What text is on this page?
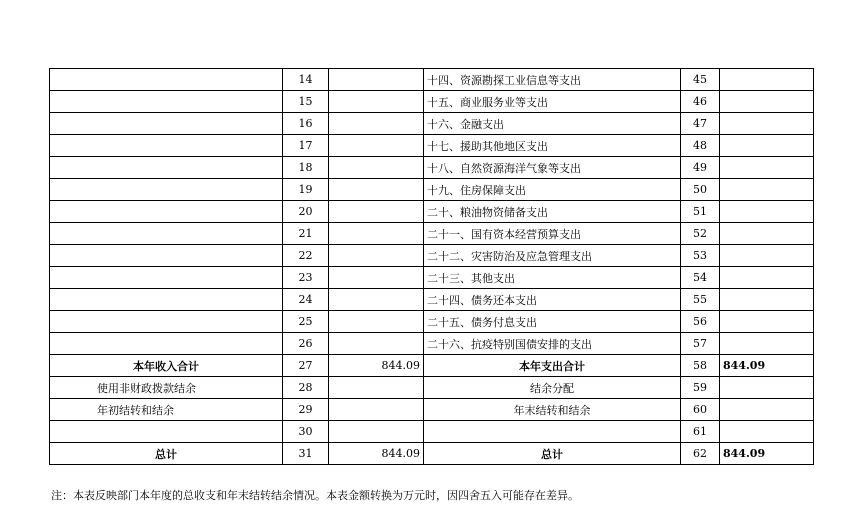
	14		十四、资源勘探工业信息等支出	45	
	15		十五、商业服务业等支出	46	
	16		十六、金融支出	47	
	17		十七、援助其他地区支出	48	
	18		十八、自然资源海洋气象等支出	49	
	19		十九、住房保障支出	50	
	20		二十、粮油物资储备支出	51	
	21		二十一、国有资本经营预算支出	52	
	22		二十二、灾害防治及应急管理支出	53	
	23		二十三、其他支出	54	
	24		二十四、债务还本支出	55	
	25		二十五、债务付息支出	56	
	26		二十六、抗疫特别国债安排的支出	57	
本年收入合计	27	844.09	本年支出合计	58	844.09
使用非财政拨款结余	28		结余分配	59	
年初结转和结余	29		年末结转和结余	60	
	30			61	
总计	31	844.09	总计	62	844.09
注：本表反映部门本年度的总收支和年末结转结余情况。本表金额转换为万元时，因四舍五入可能存在差异。
